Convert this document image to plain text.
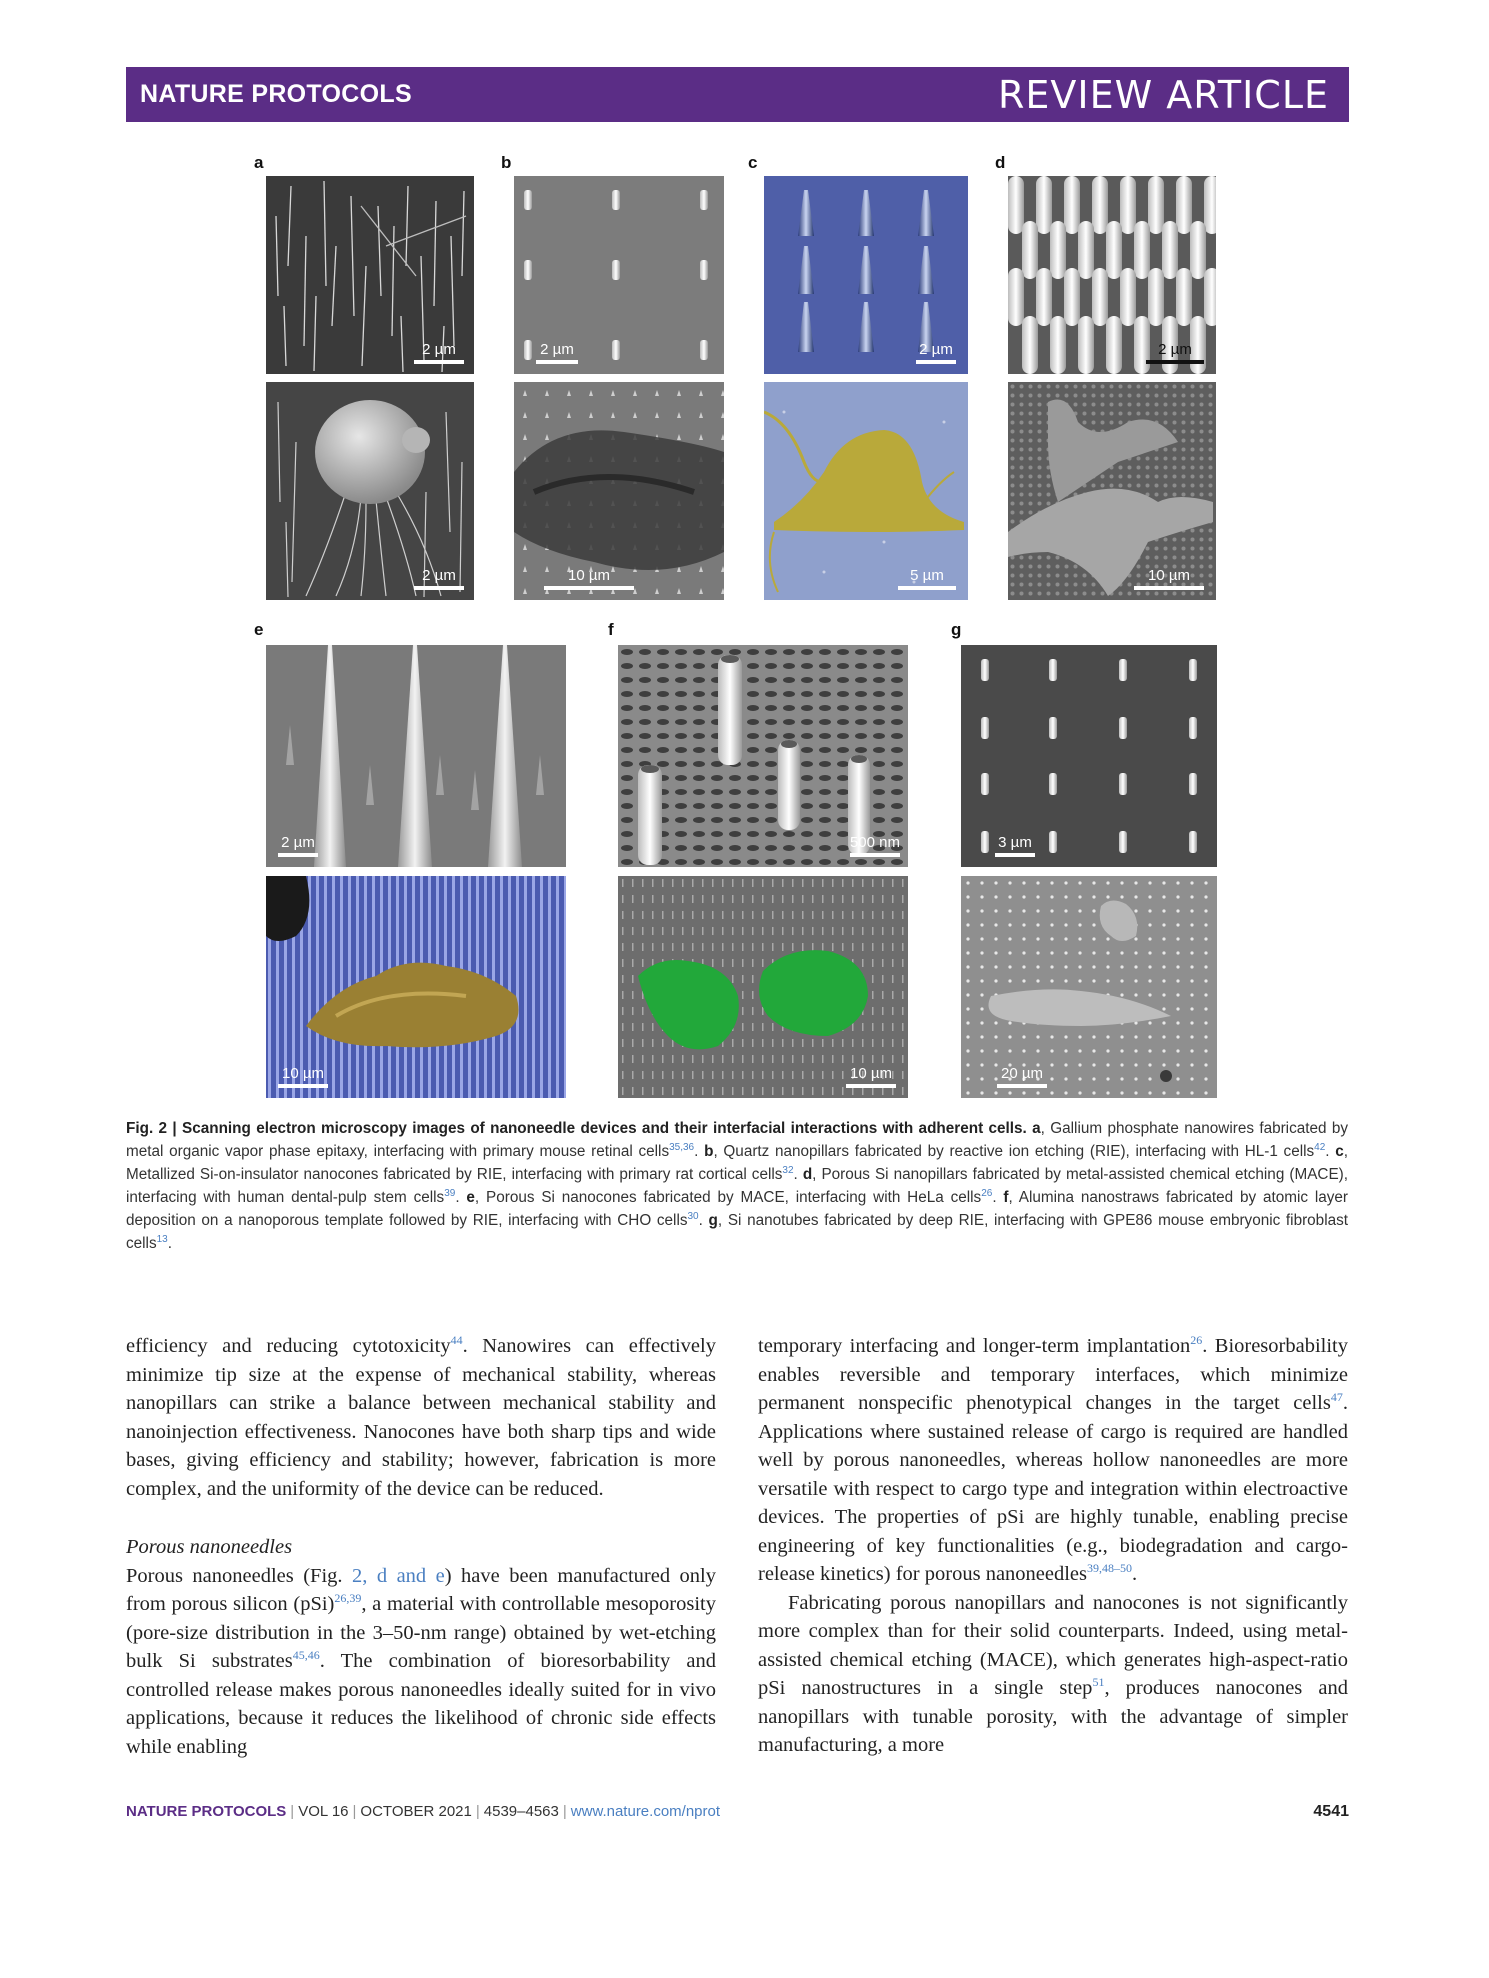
NATURE PROTOCOLS	REVIEW ARTICLE
a	b	c	d
e	f	g
2 µm
2 µm
2 µm
10 µm
2 µm
5 µm
2 µm
10 µm
2 µm
10 µm
500 nm
10 µm
3 µm
20 µm
Fig. 2 | Scanning electron microscopy images of nanoneedle devices and their interfacial interactions with adherent cells. a, Gallium phosphate nanowires fabricated by metal organic vapor phase epitaxy, interfacing with primary mouse retinal cells$^{35,36}$. b, Quartz nanopillars fabricated by reactive ion etching (RIE), interfacing with HL-1 cells$^{42}$. c, Metallized Si-on-insulator nanocones fabricated by RIE, interfacing with primary rat cortical cells$^{32}$. d, Porous Si nanopillars fabricated by metal-assisted chemical etching (MACE), interfacing with human dental-pulp stem cells$^{39}$. e, Porous Si nanocones fabricated by MACE, interfacing with HeLa cells$^{26}$. f, Alumina nanostraws fabricated by atomic layer deposition on a nanoporous template followed by RIE, interfacing with CHO cells$^{30}$. g, Si nanotubes fabricated by deep RIE, interfacing with GPE86 mouse embryonic fibroblast cells$^{13}$.

efficiency and reducing cytotoxicity$^{44}$. Nanowires can effectively minimize tip size at the expense of mechanical stability, whereas nanopillars can strike a balance between mechanical stability and nanoinjection effectiveness. Nanocones have both sharp tips and wide bases, giving efficiency and stability; however, fabrication is more complex, and the uniformity of the device can be reduced.

Porous nanoneedles

Porous nanoneedles (Fig. 2, d and e) have been manufactured only from porous silicon (pSi)$^{26,39}$, a material with controllable mesoporosity (pore-size distribution in the 3–50-nm range) obtained by wet-etching bulk Si substrates$^{45,46}$. The combination of bioresorbability and controlled release makes porous nanoneedles ideally suited for in vivo applications, because it reduces the likelihood of chronic side effects while enabling

temporary interfacing and longer-term implantation$^{26}$. Bioresorbability enables reversible and temporary interfaces, which minimize permanent nonspecific phenotypical changes in the target cells$^{47}$. Applications where sustained release of cargo is required are handled well by porous nanoneedles, whereas hollow nanoneedles are more versatile with respect to cargo type and integration within electroactive devices. The properties of pSi are highly tunable, enabling precise engineering of key functionalities (e.g., biodegradation and cargo-release kinetics) for porous nanoneedles$^{39,48-50}$.

Fabricating porous nanopillars and nanocones is not significantly more complex than for their solid counterparts. Indeed, using metal-assisted chemical etching (MACE), which generates high-aspect-ratio pSi nanostructures in a single step$^{51}$, produces nanocones and nanopillars with tunable porosity, with the advantage of simpler manufacturing, a more

NATURE PROTOCOLS | VOL 16 | OCTOBER 2021 | 4539–4563 | www.nature.com/nprot	4541
